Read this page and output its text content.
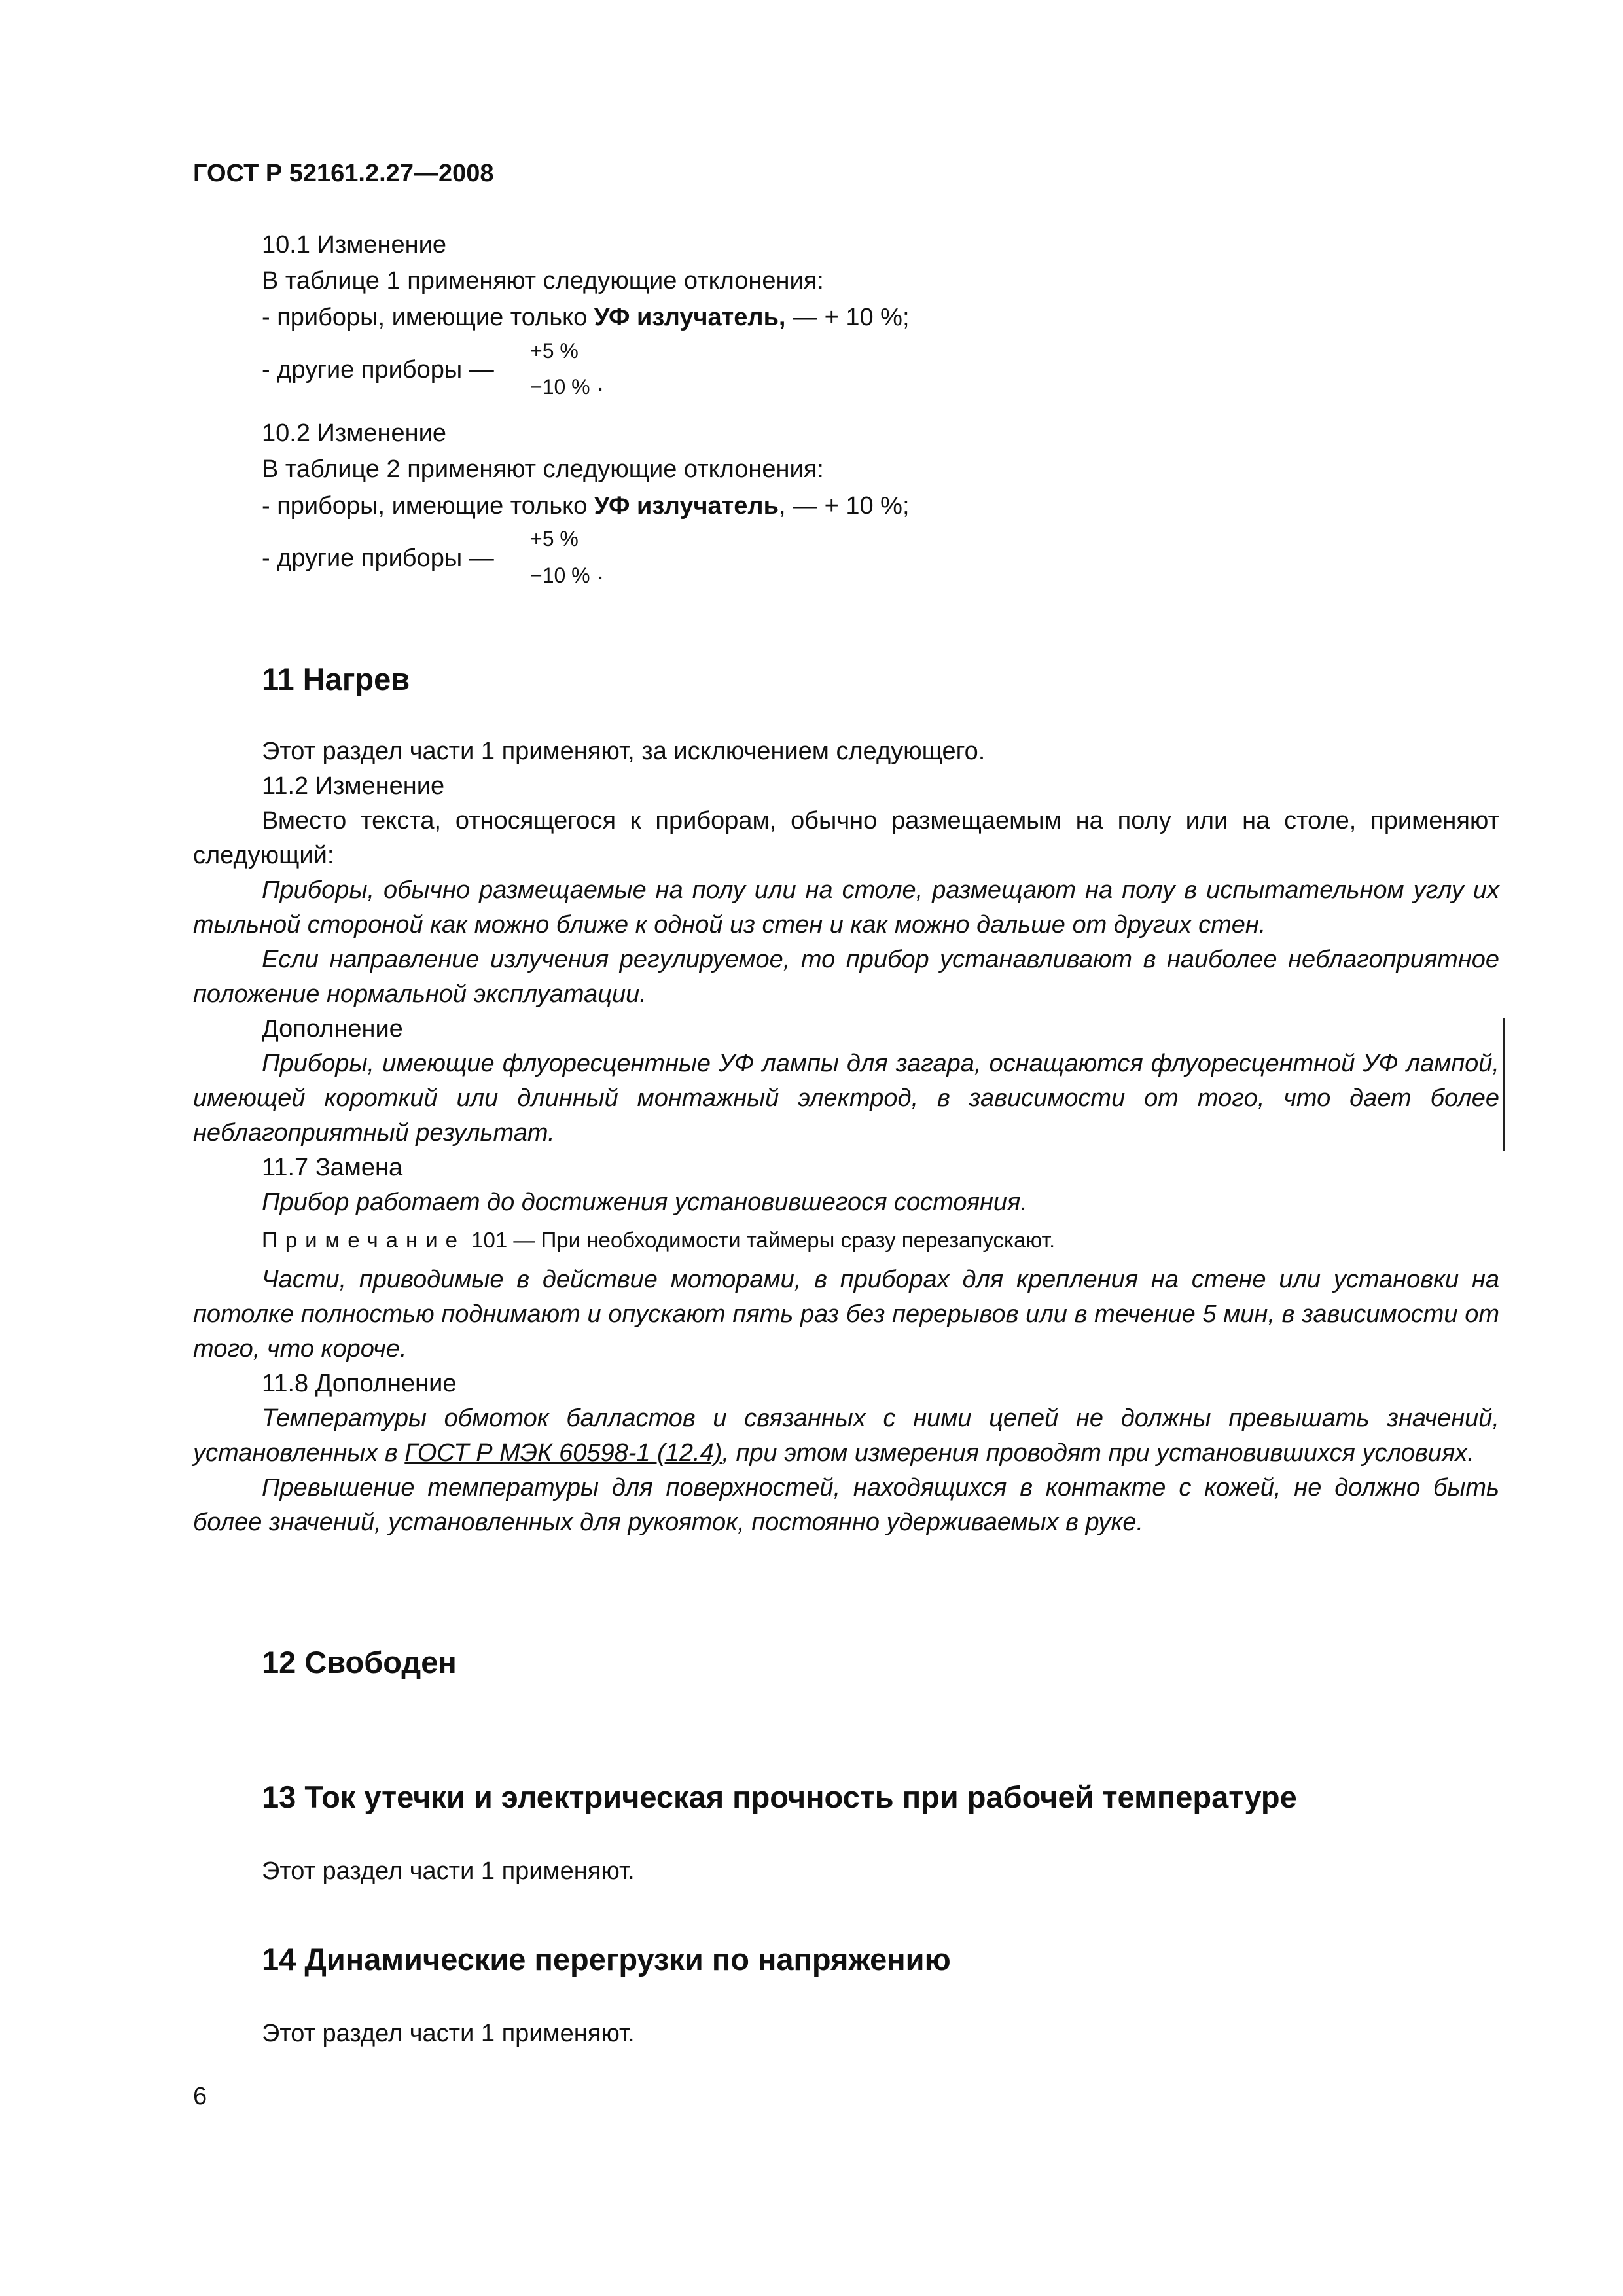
ГОСТ Р 52161.2.27—2008
10.1 Изменение
В таблице 1 применяют следующие отклонения:
- приборы, имеющие только УФ излучатель, — + 10 %;
- другие приборы —
+5 %
−10 % .
10.2 Изменение
В таблице 2 применяют следующие отклонения:
- приборы, имеющие только УФ излучатель, — + 10 %;
- другие приборы —
+5 %
−10 % .
11 Нагрев

Этот раздел части 1 применяют, за исключением следующего.

11.2 Изменение

Вместо текста, относящегося к приборам, обычно размещаемым на полу или на столе, применяют следующий:

Приборы, обычно размещаемые на полу или на столе, размещают на полу в испытательном углу их тыльной стороной как можно ближе к одной из стен и как можно дальше от других стен.

Если направление излучения регулируемое, то прибор устанавливают в наиболее неблагоприятное положение нормальной эксплуатации.

Дополнение

Приборы, имеющие флуоресцентные УФ лампы для загара, оснащаются флуоресцентной УФ лампой, имеющей короткий или длинный монтажный электрод, в зависимости от того, что дает более неблагоприятный результат.

11.7 Замена

Прибор работает до достижения установившегося состояния.

Примечание 101 — При необходимости таймеры сразу перезапускают.

Части, приводимые в действие моторами, в приборах для крепления на стене или установки на потолке полностью поднимают и опускают пять раз без перерывов или в течение 5 мин, в зависимости от того, что короче.

11.8 Дополнение

Температуры обмоток балластов и связанных с ними цепей не должны превышать значений, установленных в ГОСТ Р МЭК 60598-1 (12.4), при этом измерения проводят при установившихся условиях.

Превышение температуры для поверхностей, находящихся в контакте с кожей, не должно быть более значений, установленных для рукояток, постоянно удерживаемых в руке.

12 Свободен
13 Ток утечки и электрическая прочность при рабочей температуре
Этот раздел части 1 применяют.
14 Динамические перегрузки по напряжению
Этот раздел части 1 применяют.
6
